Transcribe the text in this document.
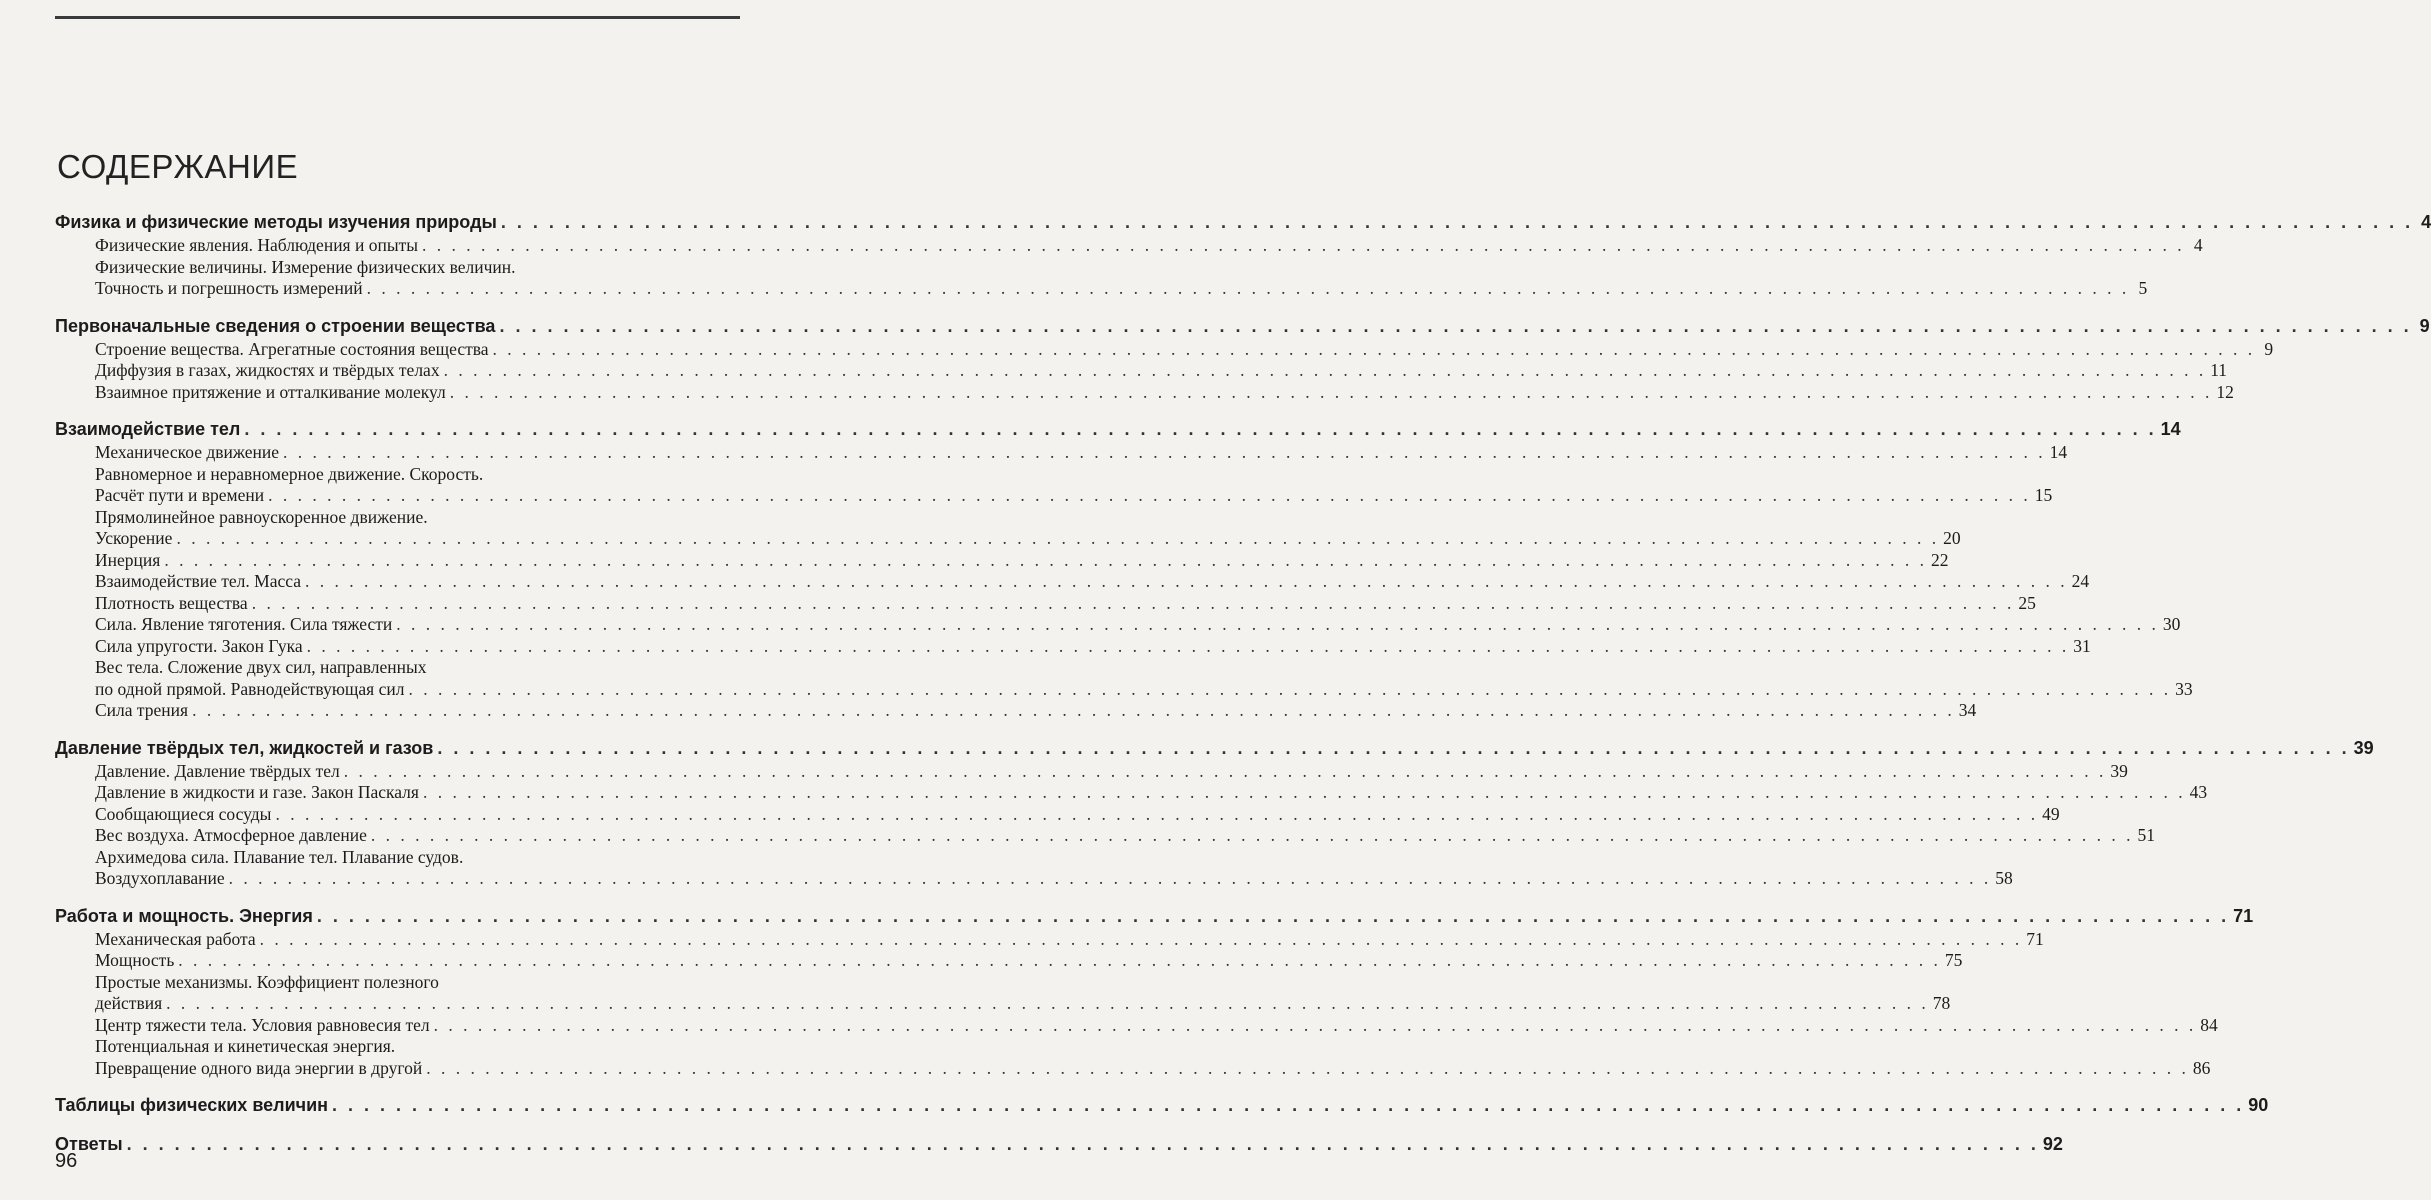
СОДЕРЖАНИЕ
Физика и физические методы изучения природы . . . . . . . . . . . . . . . . . . . . . . . . . . . . . . . . . . . . . . . . . . . . . . . . . . . . . . . . . . . . . . . . . . . . . . . . . . . . . . . . . . . . . . . . . . . . . . . . . . . . . . . . . . . . . . . . . . . . . . . . 4
Физические явления. Наблюдения и опыты . . . . . . . . . . . . . . . . . . . . . . . . . . . . . . . . . . . . . . . . . . . . . . . . . . . . . . . . . . . . . . . . . . . . . . . . . . . . . . . . . . . . . . . . . . . . . . . . . . . . . . . . . . . . . . . . . . . . . . . . 4
Физические величины. Измерение физических величин.
Точность и погрешность измерений . . . . . . . . . . . . . . . . . . . . . . . . . . . . . . . . . . . . . . . . . . . . . . . . . . . . . . . . . . . . . . . . . . . . . . . . . . . . . . . . . . . . . . . . . . . . . . . . . . . . . . . . . . . . . . . . . . . . . . . . 5
Первоначальные сведения о строении вещества . . . . . . . . . . . . . . . . . . . . . . . . . . . . . . . . . . . . . . . . . . . . . . . . . . . . . . . . . . . . . . . . . . . . . . . . . . . . . . . . . . . . . . . . . . . . . . . . . . . . . . . . . . . . . . . . . . . . . . . . 9
Строение вещества. Агрегатные состояния вещества . . . . . . . . . . . . . . . . . . . . . . . . . . . . . . . . . . . . . . . . . . . . . . . . . . . . . . . . . . . . . . . . . . . . . . . . . . . . . . . . . . . . . . . . . . . . . . . . . . . . . . . . . . . . . . . . . . . . . . . . 9
Диффузия в газах, жидкостях и твёрдых телах . . . . . . . . . . . . . . . . . . . . . . . . . . . . . . . . . . . . . . . . . . . . . . . . . . . . . . . . . . . . . . . . . . . . . . . . . . . . . . . . . . . . . . . . . . . . . . . . . . . . . . . . . . . . . . . . . . . . . . . . 11
Взаимное притяжение и отталкивание молекул . . . . . . . . . . . . . . . . . . . . . . . . . . . . . . . . . . . . . . . . . . . . . . . . . . . . . . . . . . . . . . . . . . . . . . . . . . . . . . . . . . . . . . . . . . . . . . . . . . . . . . . . . . . . . . . . . . . . . . . . 12
Взаимодействие тел . . . . . . . . . . . . . . . . . . . . . . . . . . . . . . . . . . . . . . . . . . . . . . . . . . . . . . . . . . . . . . . . . . . . . . . . . . . . . . . . . . . . . . . . . . . . . . . . . . . . . . . . . . . . . . . . . . . . . . . . 14
Механическое движение . . . . . . . . . . . . . . . . . . . . . . . . . . . . . . . . . . . . . . . . . . . . . . . . . . . . . . . . . . . . . . . . . . . . . . . . . . . . . . . . . . . . . . . . . . . . . . . . . . . . . . . . . . . . . . . . . . . . . . . . 14
Равномерное и неравномерное движение. Скорость.
Расчёт пути и времени . . . . . . . . . . . . . . . . . . . . . . . . . . . . . . . . . . . . . . . . . . . . . . . . . . . . . . . . . . . . . . . . . . . . . . . . . . . . . . . . . . . . . . . . . . . . . . . . . . . . . . . . . . . . . . . . . . . . . . . . 15
Прямолинейное равноускоренное движение.
Ускорение . . . . . . . . . . . . . . . . . . . . . . . . . . . . . . . . . . . . . . . . . . . . . . . . . . . . . . . . . . . . . . . . . . . . . . . . . . . . . . . . . . . . . . . . . . . . . . . . . . . . . . . . . . . . . . . . . . . . . . . . 20
Инерция . . . . . . . . . . . . . . . . . . . . . . . . . . . . . . . . . . . . . . . . . . . . . . . . . . . . . . . . . . . . . . . . . . . . . . . . . . . . . . . . . . . . . . . . . . . . . . . . . . . . . . . . . . . . . . . . . . . . . . . . 22
Взаимодействие тел. Масса . . . . . . . . . . . . . . . . . . . . . . . . . . . . . . . . . . . . . . . . . . . . . . . . . . . . . . . . . . . . . . . . . . . . . . . . . . . . . . . . . . . . . . . . . . . . . . . . . . . . . . . . . . . . . . . . . . . . . . . . 24
Плотность вещества . . . . . . . . . . . . . . . . . . . . . . . . . . . . . . . . . . . . . . . . . . . . . . . . . . . . . . . . . . . . . . . . . . . . . . . . . . . . . . . . . . . . . . . . . . . . . . . . . . . . . . . . . . . . . . . . . . . . . . . . 25
Сила. Явление тяготения. Сила тяжести . . . . . . . . . . . . . . . . . . . . . . . . . . . . . . . . . . . . . . . . . . . . . . . . . . . . . . . . . . . . . . . . . . . . . . . . . . . . . . . . . . . . . . . . . . . . . . . . . . . . . . . . . . . . . . . . . . . . . . . . 30
Сила упругости. Закон Гука . . . . . . . . . . . . . . . . . . . . . . . . . . . . . . . . . . . . . . . . . . . . . . . . . . . . . . . . . . . . . . . . . . . . . . . . . . . . . . . . . . . . . . . . . . . . . . . . . . . . . . . . . . . . . . . . . . . . . . . . 31
Вес тела. Сложение двух сил, направленных
по одной прямой. Равнодействующая сил . . . . . . . . . . . . . . . . . . . . . . . . . . . . . . . . . . . . . . . . . . . . . . . . . . . . . . . . . . . . . . . . . . . . . . . . . . . . . . . . . . . . . . . . . . . . . . . . . . . . . . . . . . . . . . . . . . . . . . . . 33
Сила трения . . . . . . . . . . . . . . . . . . . . . . . . . . . . . . . . . . . . . . . . . . . . . . . . . . . . . . . . . . . . . . . . . . . . . . . . . . . . . . . . . . . . . . . . . . . . . . . . . . . . . . . . . . . . . . . . . . . . . . . . 34
Давление твёрдых тел, жидкостей и газов . . . . . . . . . . . . . . . . . . . . . . . . . . . . . . . . . . . . . . . . . . . . . . . . . . . . . . . . . . . . . . . . . . . . . . . . . . . . . . . . . . . . . . . . . . . . . . . . . . . . . . . . . . . . . . . . . . . . . . . . 39
Давление. Давление твёрдых тел . . . . . . . . . . . . . . . . . . . . . . . . . . . . . . . . . . . . . . . . . . . . . . . . . . . . . . . . . . . . . . . . . . . . . . . . . . . . . . . . . . . . . . . . . . . . . . . . . . . . . . . . . . . . . . . . . . . . . . . . 39
Давление в жидкости и газе. Закон Паскаля . . . . . . . . . . . . . . . . . . . . . . . . . . . . . . . . . . . . . . . . . . . . . . . . . . . . . . . . . . . . . . . . . . . . . . . . . . . . . . . . . . . . . . . . . . . . . . . . . . . . . . . . . . . . . . . . . . . . . . . . 43
Сообщающиеся сосуды . . . . . . . . . . . . . . . . . . . . . . . . . . . . . . . . . . . . . . . . . . . . . . . . . . . . . . . . . . . . . . . . . . . . . . . . . . . . . . . . . . . . . . . . . . . . . . . . . . . . . . . . . . . . . . . . . . . . . . . . 49
Вес воздуха. Атмосферное давление . . . . . . . . . . . . . . . . . . . . . . . . . . . . . . . . . . . . . . . . . . . . . . . . . . . . . . . . . . . . . . . . . . . . . . . . . . . . . . . . . . . . . . . . . . . . . . . . . . . . . . . . . . . . . . . . . . . . . . . . 51
Архимедова сила. Плавание тел. Плавание судов.
Воздухоплавание . . . . . . . . . . . . . . . . . . . . . . . . . . . . . . . . . . . . . . . . . . . . . . . . . . . . . . . . . . . . . . . . . . . . . . . . . . . . . . . . . . . . . . . . . . . . . . . . . . . . . . . . . . . . . . . . . . . . . . . . 58
Работа и мощность. Энергия . . . . . . . . . . . . . . . . . . . . . . . . . . . . . . . . . . . . . . . . . . . . . . . . . . . . . . . . . . . . . . . . . . . . . . . . . . . . . . . . . . . . . . . . . . . . . . . . . . . . . . . . . . . . . . . . . . . . . . . . 71
Механическая работа . . . . . . . . . . . . . . . . . . . . . . . . . . . . . . . . . . . . . . . . . . . . . . . . . . . . . . . . . . . . . . . . . . . . . . . . . . . . . . . . . . . . . . . . . . . . . . . . . . . . . . . . . . . . . . . . . . . . . . . . 71
Мощность . . . . . . . . . . . . . . . . . . . . . . . . . . . . . . . . . . . . . . . . . . . . . . . . . . . . . . . . . . . . . . . . . . . . . . . . . . . . . . . . . . . . . . . . . . . . . . . . . . . . . . . . . . . . . . . . . . . . . . . . 75
Простые механизмы. Коэффициент полезного
действия . . . . . . . . . . . . . . . . . . . . . . . . . . . . . . . . . . . . . . . . . . . . . . . . . . . . . . . . . . . . . . . . . . . . . . . . . . . . . . . . . . . . . . . . . . . . . . . . . . . . . . . . . . . . . . . . . . . . . . . . 78
Центр тяжести тела. Условия равновесия тел . . . . . . . . . . . . . . . . . . . . . . . . . . . . . . . . . . . . . . . . . . . . . . . . . . . . . . . . . . . . . . . . . . . . . . . . . . . . . . . . . . . . . . . . . . . . . . . . . . . . . . . . . . . . . . . . . . . . . . . . 84
Потенциальная и кинетическая энергия.
Превращение одного вида энергии в другой . . . . . . . . . . . . . . . . . . . . . . . . . . . . . . . . . . . . . . . . . . . . . . . . . . . . . . . . . . . . . . . . . . . . . . . . . . . . . . . . . . . . . . . . . . . . . . . . . . . . . . . . . . . . . . . . . . . . . . . . 86
Таблицы физических величин . . . . . . . . . . . . . . . . . . . . . . . . . . . . . . . . . . . . . . . . . . . . . . . . . . . . . . . . . . . . . . . . . . . . . . . . . . . . . . . . . . . . . . . . . . . . . . . . . . . . . . . . . . . . . . . . . . . . . . . . 90
Ответы . . . . . . . . . . . . . . . . . . . . . . . . . . . . . . . . . . . . . . . . . . . . . . . . . . . . . . . . . . . . . . . . . . . . . . . . . . . . . . . . . . . . . . . . . . . . . . . . . . . . . . . . . . . . . . . . . . . . . . . . 92
96
